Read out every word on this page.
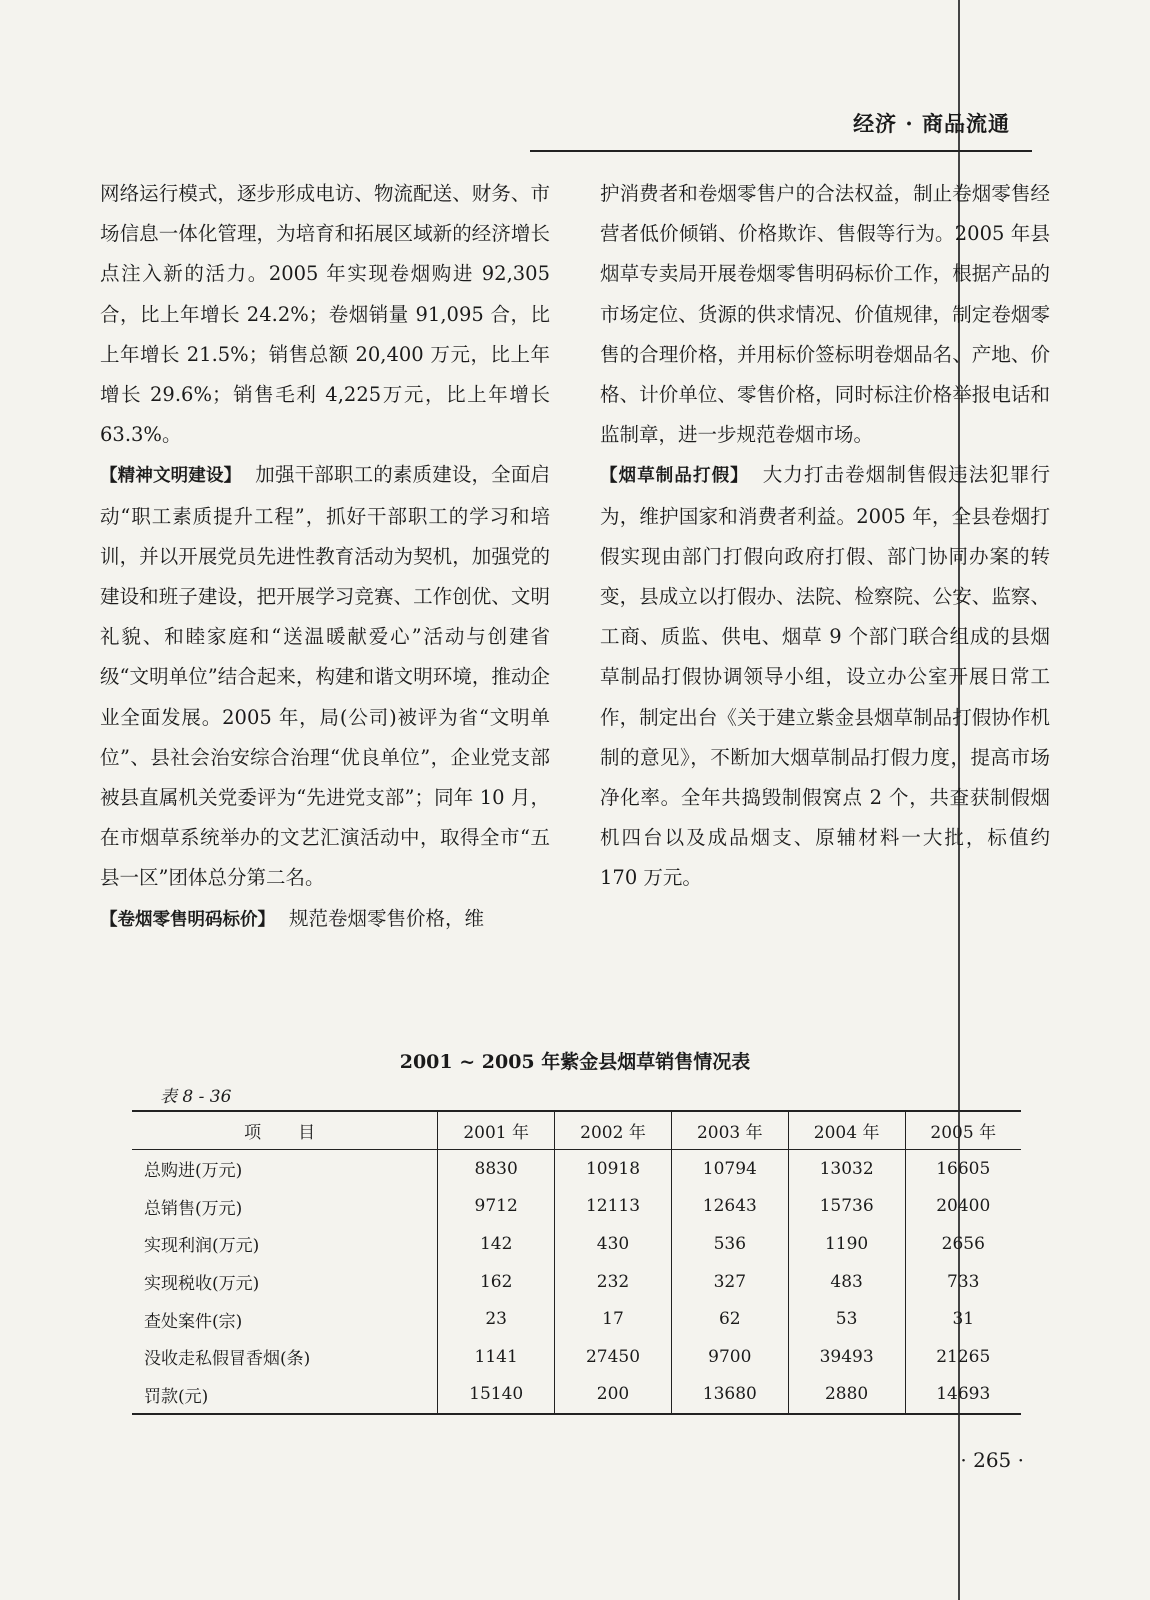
经济 · 商品流通

网络运行模式，逐步形成电访、物流配送、财务、市场信息一体化管理，为培育和拓展区域新的经济增长点注入新的活力。2005 年实现卷烟购进 92,305 合，比上年增长 24.2%；卷烟销量 91,095 合，比上年增长 21.5%；销售总额 20,400 万元，比上年增长 29.6%；销售毛利 4,225万元，比上年增长 63.3%。

【精神文明建设】 加强干部职工的素质建设，全面启动“职工素质提升工程”，抓好干部职工的学习和培训，并以开展党员先进性教育活动为契机，加强党的建设和班子建设，把开展学习竞赛、工作创优、文明礼貌、和睦家庭和“送温暖献爱心”活动与创建省级“文明单位”结合起来，构建和谐文明环境，推动企业全面发展。2005 年，局(公司)被评为省“文明单位”、县社会治安综合治理“优良单位”，企业党支部被县直属机关党委评为“先进党支部”；同年 10 月，在市烟草系统举办的文艺汇演活动中，取得全市“五县一区”团体总分第二名。

【卷烟零售明码标价】 规范卷烟零售价格，维

护消费者和卷烟零售户的合法权益，制止卷烟零售经营者低价倾销、价格欺诈、售假等行为。2005 年县烟草专卖局开展卷烟零售明码标价工作，根据产品的市场定位、货源的供求情况、价值规律，制定卷烟零售的合理价格，并用标价签标明卷烟品名、产地、价格、计价单位、零售价格，同时标注价格举报电话和监制章，进一步规范卷烟市场。

【烟草制品打假】 大力打击卷烟制售假违法犯罪行为，维护国家和消费者利益。2005 年，全县卷烟打假实现由部门打假向政府打假、部门协同办案的转变，县成立以打假办、法院、检察院、公安、监察、工商、质监、供电、烟草 9 个部门联合组成的县烟草制品打假协调领导小组，设立办公室开展日常工作，制定出台《关于建立紫金县烟草制品打假协作机制的意见》，不断加大烟草制品打假力度，提高市场净化率。全年共捣毁制假窝点 2 个，共查获制假烟机四台以及成品烟支、原辅材料一大批，标值约 170 万元。

2001 ~ 2005 年紫金县烟草销售情况表
表 8 - 36
项　目	2001 年	2002 年	2003 年	2004 年	2005 年
总购进(万元)	8830	10918	10794	13032	16605
总销售(万元)	9712	12113	12643	15736	20400
实现利润(万元)	142	430	536	1190	2656
实现税收(万元)	162	232	327	483	733
查处案件(宗)	23	17	62	53	31
没收走私假冒香烟(条)	1141	27450	9700	39493	21265
罚款(元)	15140	200	13680	2880	14693
· 265 ·
